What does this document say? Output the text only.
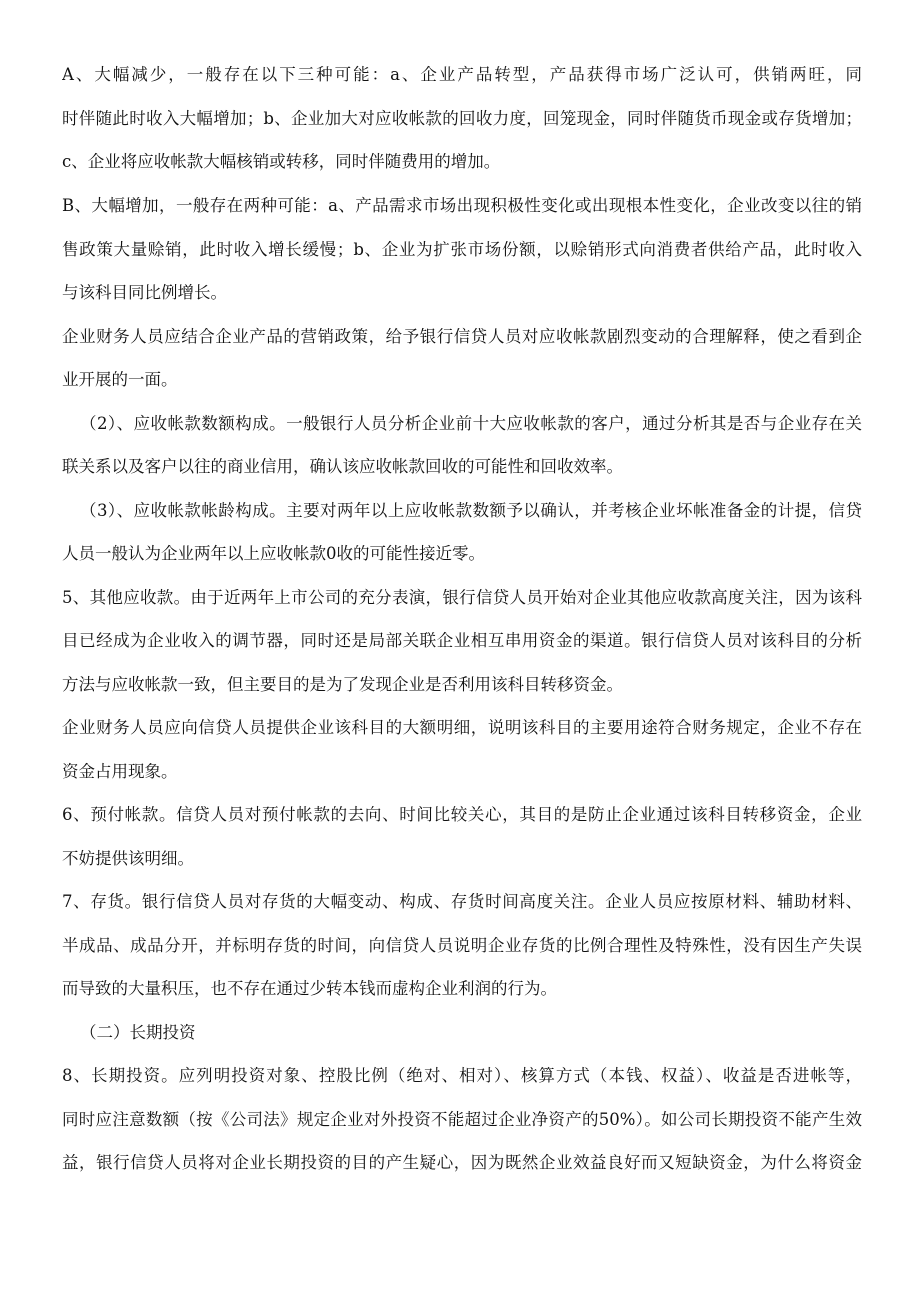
A、大幅减少，一般存在以下三种可能：a、企业产品转型，产品获得市场广泛认可，供销两旺，同
时伴随此时收入大幅增加；b、企业加大对应收帐款的回收力度，回笼现金，同时伴随货币现金或存货增加；
c、企业将应收帐款大幅核销或转移，同时伴随费用的增加。
B、大幅增加，一般存在两种可能：a、产品需求市场出现积极性变化或出现根本性变化，企业改变以往的销
售政策大量赊销，此时收入增长缓慢；b、企业为扩张市场份额，以赊销形式向消费者供给产品，此时收入
与该科目同比例增长。
企业财务人员应结合企业产品的营销政策，给予银行信贷人员对应收帐款剧烈变动的合理解释，使之看到企
业开展的一面。
（2）、应收帐款数额构成。一般银行人员分析企业前十大应收帐款的客户，通过分析其是否与企业存在关
联关系以及客户以往的商业信用，确认该应收帐款回收的可能性和回收效率。
（3）、应收帐款帐龄构成。主要对两年以上应收帐款数额予以确认，并考核企业坏帐准备金的计提，信贷
人员一般认为企业两年以上应收帐款0收的可能性接近零。
5、其他应收款。由于近两年上市公司的充分表演，银行信贷人员开始对企业其他应收款高度关注，因为该科
目已经成为企业收入的调节器，同时还是局部关联企业相互串用资金的渠道。银行信贷人员对该科目的分析
方法与应收帐款一致，但主要目的是为了发现企业是否利用该科目转移资金。
企业财务人员应向信贷人员提供企业该科目的大额明细，说明该科目的主要用途符合财务规定，企业不存在
资金占用现象。
6、预付帐款。信贷人员对预付帐款的去向、时间比较关心，其目的是防止企业通过该科目转移资金，企业
不妨提供该明细。
7、存货。银行信贷人员对存货的大幅变动、构成、存货时间高度关注。企业人员应按原材料、辅助材料、
半成品、成品分开，并标明存货的时间，向信贷人员说明企业存货的比例合理性及特殊性，没有因生产失误
而导致的大量积压，也不存在通过少转本钱而虚构企业利润的行为。
（二）长期投资
8、长期投资。应列明投资对象、控股比例（绝对、相对）、核算方式（本钱、权益）、收益是否进帐等，
同时应注意数额（按《公司法》规定企业对外投资不能超过企业净资产的50%）。如公司长期投资不能产生效
益，银行信贷人员将对企业长期投资的目的产生疑心，因为既然企业效益良好而又短缺资金，为什么将资金
